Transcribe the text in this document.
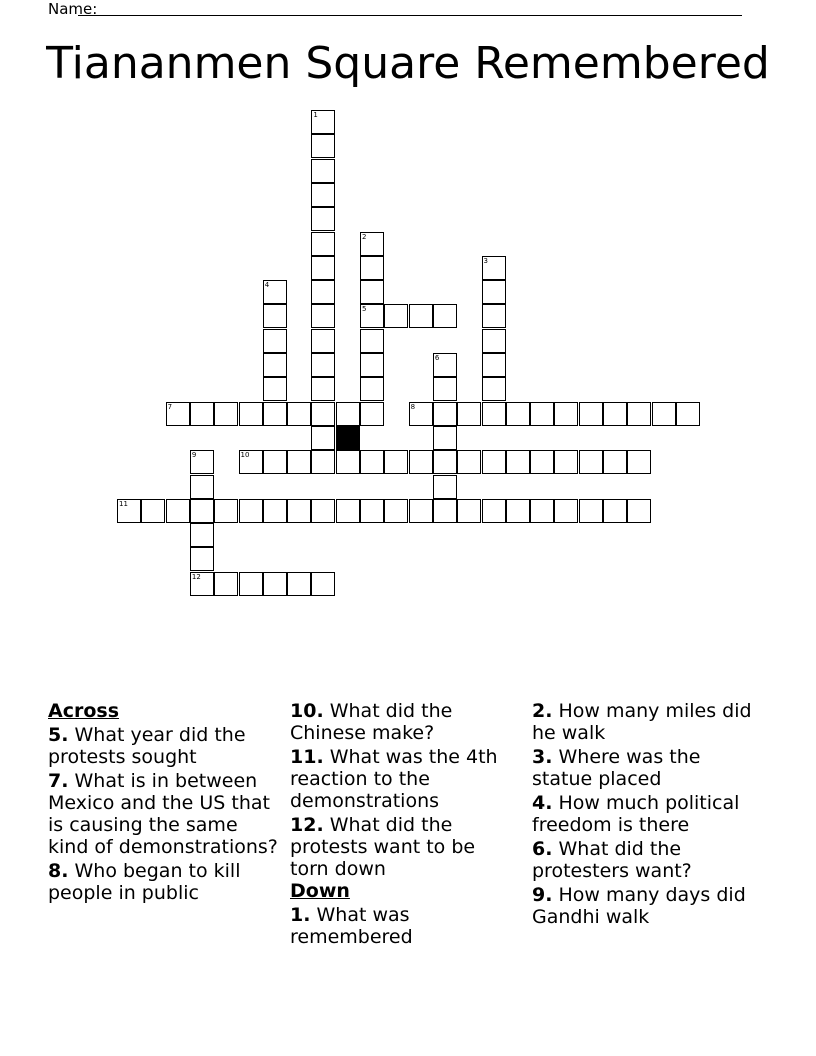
Name:
Tiananmen Square Remembered
1
2
5
3
4
6
7	8
9
12
10
11
Across
5. What year did the protests sought
7. What is in between Mexico and the US that is causing the same kind of demonstrations?
8. Who began to kill people in public
10. What did the Chinese make?
11. What was the 4th reaction to the demonstrations
12. What did the protests want to be torn down
Down
1. What was remembered
2. How many miles did he walk
3. Where was the statue placed
4. How much political freedom is there
6. What did the protesters want?
9. How many days did Gandhi walk
